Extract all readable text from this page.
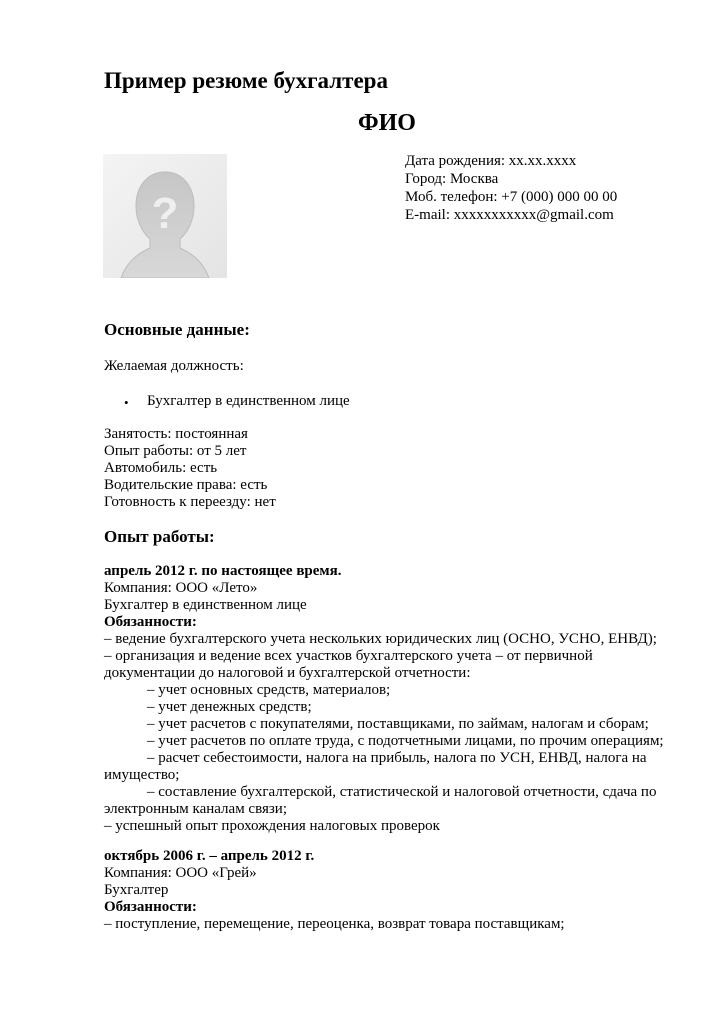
Пример резюме бухгалтера
ФИО
?
Дата рождения: хх.хх.хххх
Город: Москва
Моб. телефон: +7 (000) 000 00 00
E-mail: xxxxxxxxxxx@gmail.com
Основные данные:
Желаемая должность:
• Бухгалтер в единственном лице
Занятость: постоянная
Опыт работы: от 5 лет
Автомобиль: есть
Водительские права: есть
Готовность к переезду: нет
Опыт работы:
апрель 2012 г. по настоящее время.
Компания: ООО «Лето»
Бухгалтер в единственном лице
Обязанности:
– ведение бухгалтерского учета нескольких юридических лиц (ОСНО, УСНО, ЕНВД);
– организация и ведение всех участков бухгалтерского учета – от первичной
документации до налоговой и бухгалтерской отчетности:
– учет основных средств, материалов;
– учет денежных средств;
– учет расчетов с покупателями, поставщиками, по займам, налогам и сборам;
– учет расчетов по оплате труда, с подотчетными лицами, по прочим операциям;
– расчет себестоимости, налога на прибыль, налога по УСН, ЕНВД, налога на
имущество;
– составление бухгалтерской, статистической и налоговой отчетности, сдача по
электронным каналам связи;
– успешный опыт прохождения налоговых проверок
октябрь 2006 г. – апрель 2012 г.
Компания: ООО «Грей»
Бухгалтер
Обязанности:
– поступление, перемещение, переоценка, возврат товара поставщикам;
